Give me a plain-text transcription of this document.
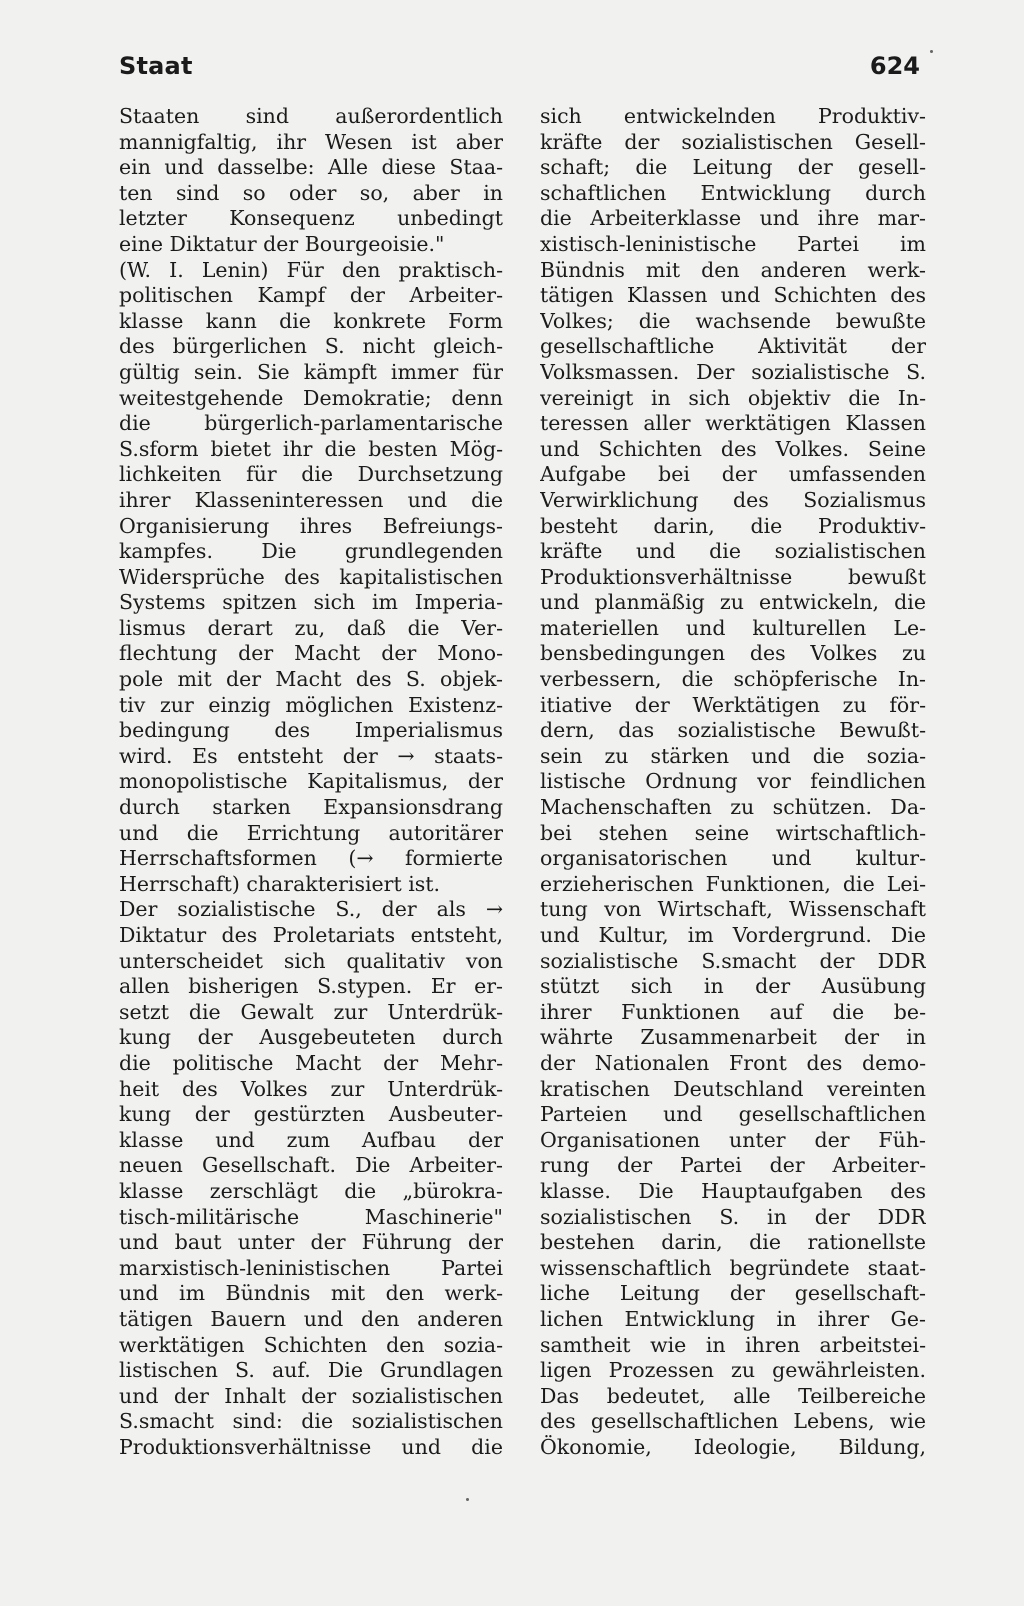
Staat	624
Staaten sind außerordentlich
mannigfaltig, ihr Wesen ist aber
ein und dasselbe: Alle diese Staa-
ten sind so oder so, aber in
letzter Konsequenz unbedingt
eine Diktatur der Bourgeoisie."
(W. I. Lenin) Für den praktisch-
politischen Kampf der Arbeiter-
klasse kann die konkrete Form
des bürgerlichen S. nicht gleich-
gültig sein. Sie kämpft immer für
weitestgehende Demokratie; denn
die bürgerlich-parlamentarische
S.sform bietet ihr die besten Mög-
lichkeiten für die Durchsetzung
ihrer Klasseninteressen und die
Organisierung ihres Befreiungs-
kampfes. Die grundlegenden
Widersprüche des kapitalistischen
Systems spitzen sich im Imperia-
lismus derart zu, daß die Ver-
flechtung der Macht der Mono-
pole mit der Macht des S. objek-
tiv zur einzig möglichen Existenz-
bedingung des Imperialismus
wird. Es entsteht der → staats-
monopolistische Kapitalismus, der
durch starken Expansionsdrang
und die Errichtung autoritärer
Herrschaftsformen (→ formierte
Herrschaft) charakterisiert ist.
Der sozialistische S., der als →
Diktatur des Proletariats entsteht,
unterscheidet sich qualitativ von
allen bisherigen S.stypen. Er er-
setzt die Gewalt zur Unterdrük-
kung der Ausgebeuteten durch
die politische Macht der Mehr-
heit des Volkes zur Unterdrük-
kung der gestürzten Ausbeuter-
klasse und zum Aufbau der
neuen Gesellschaft. Die Arbeiter-
klasse zerschlägt die „bürokra-
tisch-militärische Maschinerie"
und baut unter der Führung der
marxistisch-leninistischen Partei
und im Bündnis mit den werk-
tätigen Bauern und den anderen
werktätigen Schichten den sozia-
listischen S. auf. Die Grundlagen
und der Inhalt der sozialistischen
S.smacht sind: die sozialistischen
Produktionsverhältnisse und die
sich entwickelnden Produktiv-
kräfte der sozialistischen Gesell-
schaft; die Leitung der gesell-
schaftlichen Entwicklung durch
die Arbeiterklasse und ihre mar-
xistisch-leninistische Partei im
Bündnis mit den anderen werk-
tätigen Klassen und Schichten des
Volkes; die wachsende bewußte
gesellschaftliche Aktivität der
Volksmassen. Der sozialistische S.
vereinigt in sich objektiv die In-
teressen aller werktätigen Klassen
und Schichten des Volkes. Seine
Aufgabe bei der umfassenden
Verwirklichung des Sozialismus
besteht darin, die Produktiv-
kräfte und die sozialistischen
Produktionsverhältnisse bewußt
und planmäßig zu entwickeln, die
materiellen und kulturellen Le-
bensbedingungen des Volkes zu
verbessern, die schöpferische In-
itiative der Werktätigen zu för-
dern, das sozialistische Bewußt-
sein zu stärken und die sozia-
listische Ordnung vor feindlichen
Machenschaften zu schützen. Da-
bei stehen seine wirtschaftlich-
organisatorischen und kultur-
erzieherischen Funktionen, die Lei-
tung von Wirtschaft, Wissenschaft
und Kultur, im Vordergrund. Die
sozialistische S.smacht der DDR
stützt sich in der Ausübung
ihrer Funktionen auf die be-
währte Zusammenarbeit der in
der Nationalen Front des demo-
kratischen Deutschland vereinten
Parteien und gesellschaftlichen
Organisationen unter der Füh-
rung der Partei der Arbeiter-
klasse. Die Hauptaufgaben des
sozialistischen S. in der DDR
bestehen darin, die rationellste
wissenschaftlich begründete staat-
liche Leitung der gesellschaft-
lichen Entwicklung in ihrer Ge-
samtheit wie in ihren arbeitstei-
ligen Prozessen zu gewährleisten.
Das bedeutet, alle Teilbereiche
des gesellschaftlichen Lebens, wie
Ökonomie, Ideologie, Bildung,
